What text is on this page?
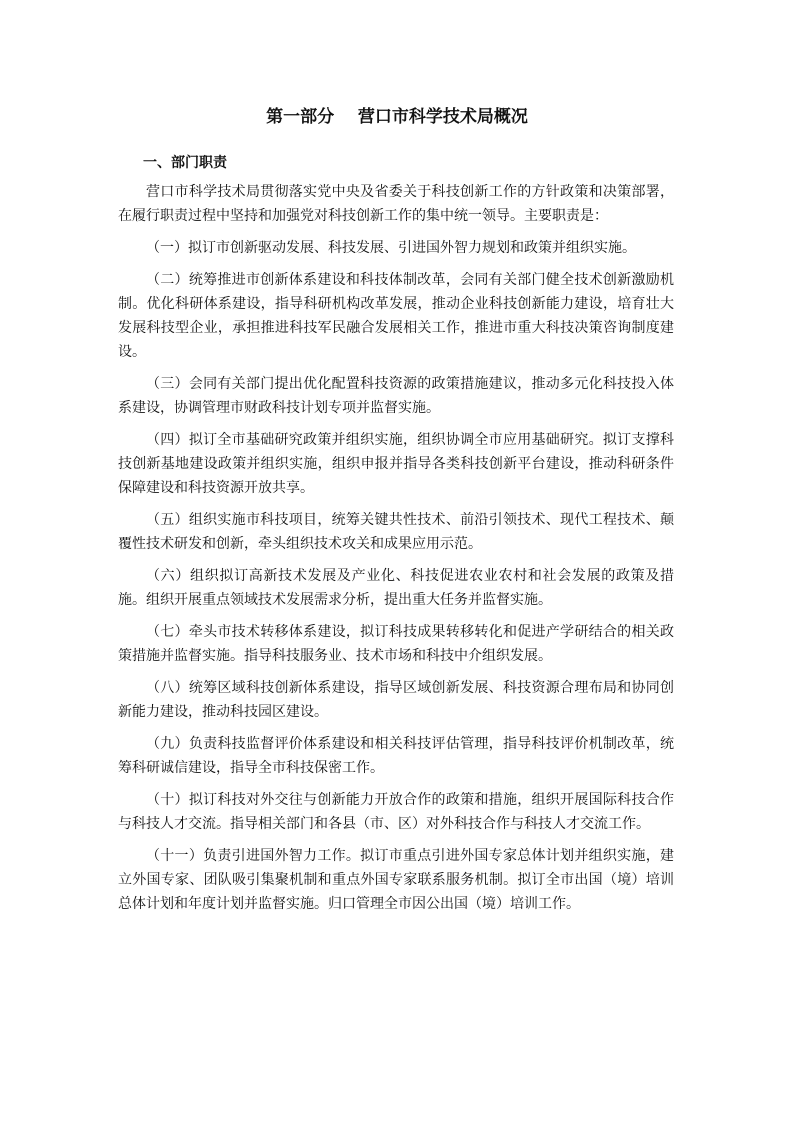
第一部分    营口市科学技术局概况
一、部门职责

营口市科学技术局贯彻落实党中央及省委关于科技创新工作的方针政策和决策部署，在履行职责过程中坚持和加强党对科技创新工作的集中统一领导。主要职责是：

（一）拟订市创新驱动发展、科技发展、引进国外智力规划和政策并组织实施。

（二）统筹推进市创新体系建设和科技体制改革，会同有关部门健全技术创新激励机制。优化科研体系建设，指导科研机构改革发展，推动企业科技创新能力建设，培育壮大发展科技型企业，承担推进科技军民融合发展相关工作，推进市重大科技决策咨询制度建设。

（三）会同有关部门提出优化配置科技资源的政策措施建议，推动多元化科技投入体系建设，协调管理市财政科技计划专项并监督实施。

（四）拟订全市基础研究政策并组织实施，组织协调全市应用基础研究。拟订支撑科技创新基地建设政策并组织实施，组织申报并指导各类科技创新平台建设，推动科研条件保障建设和科技资源开放共享。

（五）组织实施市科技项目，统筹关键共性技术、前沿引领技术、现代工程技术、颠覆性技术研发和创新，牵头组织技术攻关和成果应用示范。

（六）组织拟订高新技术发展及产业化、科技促进农业农村和社会发展的政策及措施。组织开展重点领域技术发展需求分析，提出重大任务并监督实施。

（七）牵头市技术转移体系建设，拟订科技成果转移转化和促进产学研结合的相关政策措施并监督实施。指导科技服务业、技术市场和科技中介组织发展。

（八）统筹区域科技创新体系建设，指导区域创新发展、科技资源合理布局和协同创新能力建设，推动科技园区建设。

（九）负责科技监督评价体系建设和相关科技评估管理，指导科技评价机制改革，统筹科研诚信建设，指导全市科技保密工作。

（十）拟订科技对外交往与创新能力开放合作的政策和措施，组织开展国际科技合作与科技人才交流。指导相关部门和各县（市、区）对外科技合作与科技人才交流工作。

（十一）负责引进国外智力工作。拟订市重点引进外国专家总体计划并组织实施，建立外国专家、团队吸引集聚机制和重点外国专家联系服务机制。拟订全市出国（境）培训总体计划和年度计划并监督实施。归口管理全市因公出国（境）培训工作。
